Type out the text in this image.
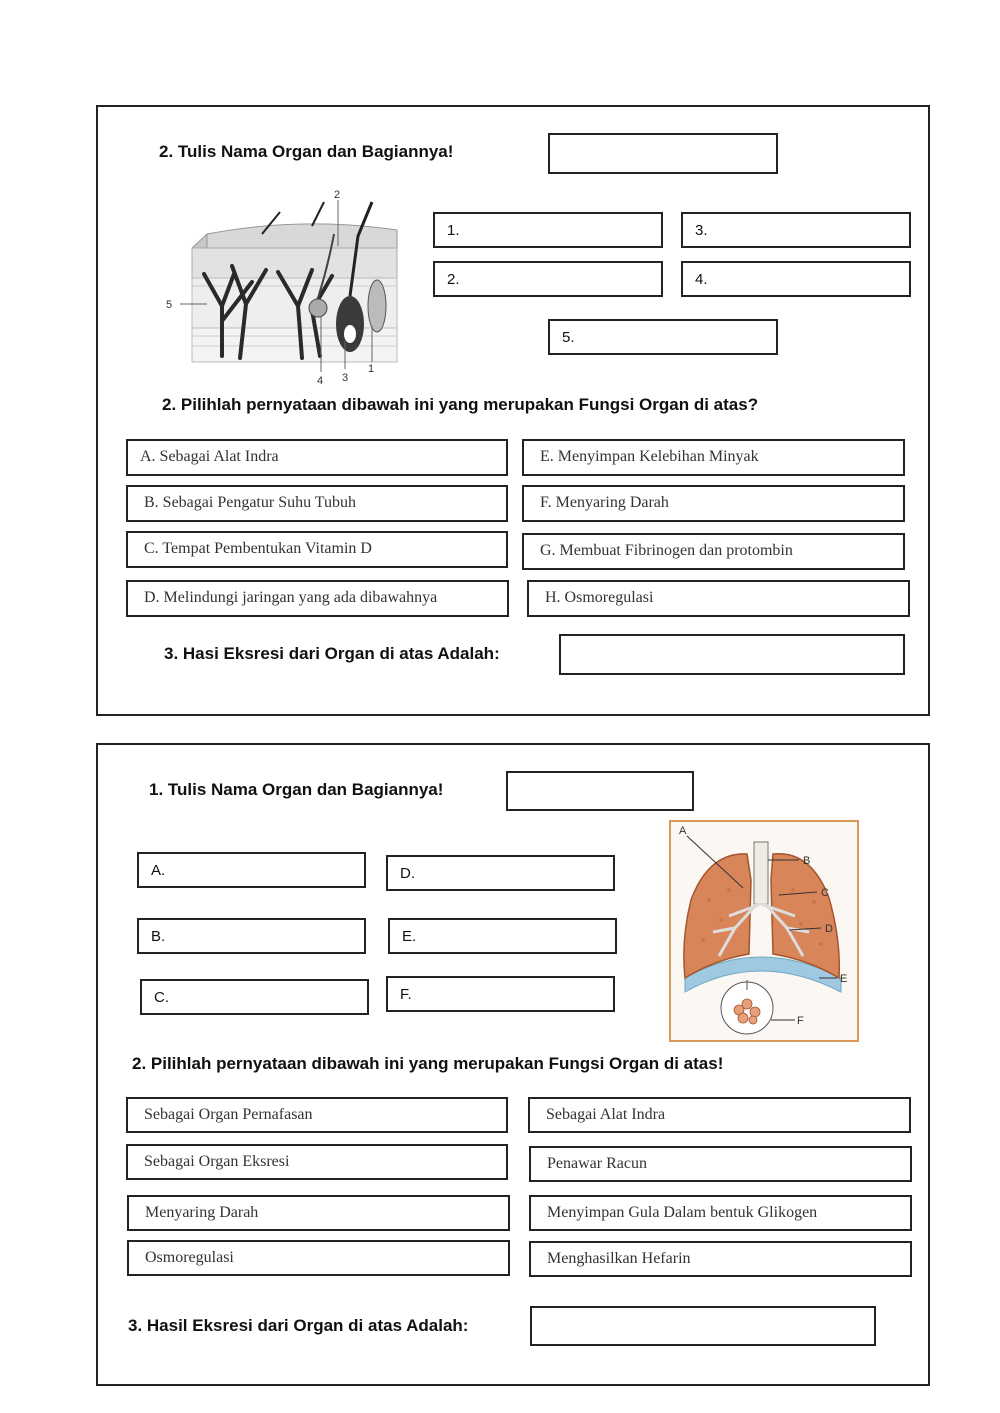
2. Tulis Nama Organ dan Bagiannya!
2
5
4 3
1
1.	3.
2.	4.
5.
2. Pilihlah pernyataan dibawah ini yang merupakan Fungsi Organ di atas?
A. Sebagai Alat Indra	E. Menyimpan Kelebihan Minyak
B. Sebagai Pengatur Suhu Tubuh	F. Menyaring Darah
C. Tempat Pembentukan Vitamin D	G. Membuat Fibrinogen dan protombin
D. Melindungi jaringan yang ada dibawahnya	H. Osmoregulasi
3. Hasi Eksresi dari Organ di atas Adalah:
1. Tulis Nama Organ dan Bagiannya!
A.	D.
B.	E.
C.	F.
A
B
C
D
E
F
2. Pilihlah pernyataan dibawah ini yang merupakan Fungsi Organ di atas!
Sebagai Organ Pernafasan	Sebagai Alat Indra
Sebagai Organ Eksresi	Penawar Racun
Menyaring Darah	Menyimpan Gula Dalam bentuk Glikogen
Osmoregulasi	Menghasilkan Hefarin
3. Hasil Eksresi dari Organ di atas Adalah:
